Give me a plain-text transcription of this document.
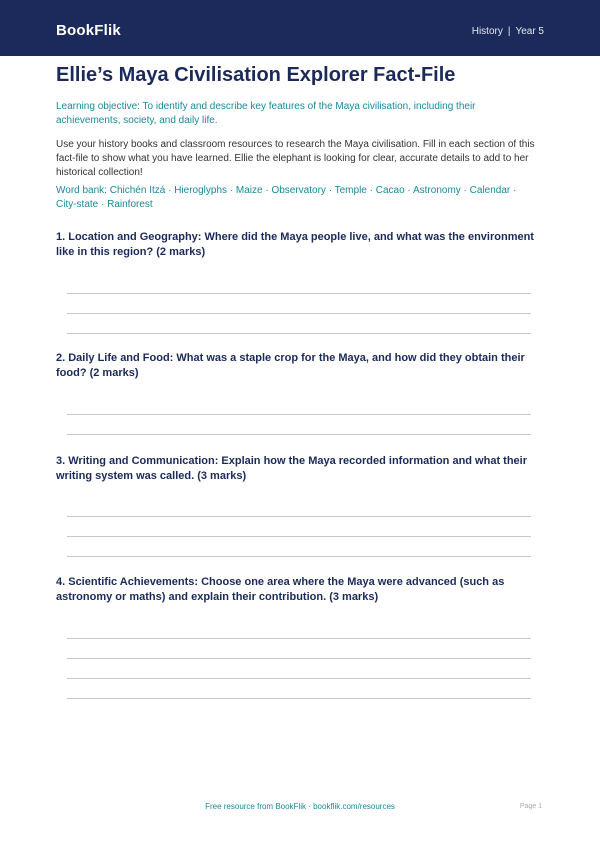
BookFlik	History | Year 5
Ellie’s Maya Civilisation Explorer Fact-File

Learning objective: To identify and describe key features of the Maya civilisation, including their achievements, society, and daily life.

Use your history books and classroom resources to research the Maya civilisation. Fill in each section of this fact-file to show what you have learned. Ellie the elephant is looking for clear, accurate details to add to her historical collection!

Word bank: Chichén Itzá · Hieroglyphs · Maize · Observatory · Temple · Cacao · Astronomy · Calendar · City-state · Rainforest

1. Location and Geography: Where did the Maya people live, and what was the environment like in this region? (2 marks)

2. Daily Life and Food: What was a staple crop for the Maya, and how did they obtain their food? (2 marks)

3. Writing and Communication: Explain how the Maya recorded information and what their writing system was called. (3 marks)

4. Scientific Achievements: Choose one area where the Maya were advanced (such as astronomy or maths) and explain their contribution. (3 marks)

Free resource from BookFlik · bookflik.com/resources	Page 1
